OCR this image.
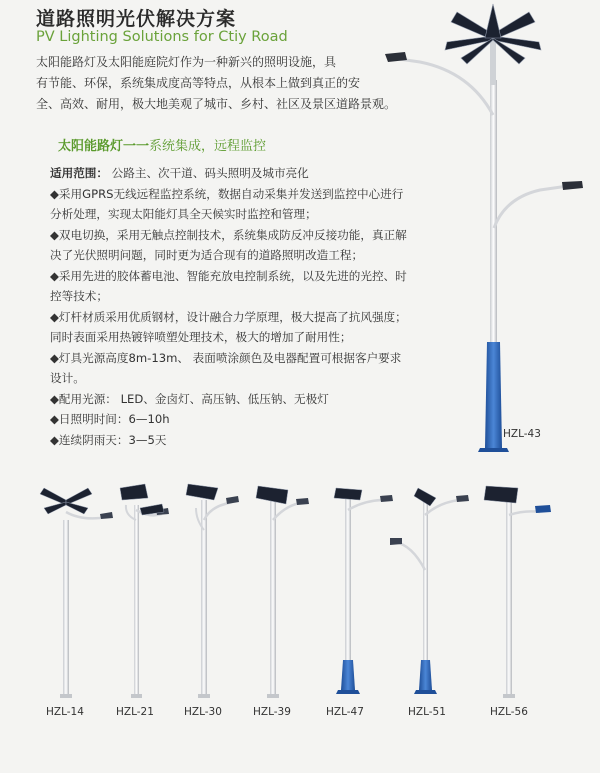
道路照明光伏解决方案
PV Lighting Solutions for Ctiy Road
太阳能路灯及太阳能庭院灯作为一种新兴的照明设施，具
有节能、环保，系统集成度高等特点，从根本上做到真正的安
全、高效、耐用，极大地美观了城市、乡村、社区及景区道路景观。
太阳能路灯一一系统集成，远程监控
适用范围： 公路主、次干道、码头照明及城市亮化
◆采用GPRS无线远程监控系统，数据自动采集并发送到监控中心进行
分析处理，实现太阳能灯具全天候实时监控和管理；
◆双电切换，采用无触点控制技术，系统集成防反冲反接功能，真正解
决了光伏照明问题，同时更为适合现有的道路照明改造工程；
◆采用先进的胶体蓄电池、智能充放电控制系统，以及先进的光控、时
控等技术；
◆灯杆材质采用优质钢材，设计融合力学原理，极大提高了抗风强度；
同时表面采用热镀锌喷塑处理技术，极大的增加了耐用性；
◆灯具光源高度8m-13m、 表面喷涂颜色及电器配置可根据客户要求
设计。
◆配用光源： LED、金卤灯、高压钠、低压钠、无极灯
◆日照明时间：6—10h
◆连续阴雨天：3—5天	HZL-43
HZL-14	HZL-21	HZL-30	HZL-39	HZL-47	HZL-51	HZL-56
